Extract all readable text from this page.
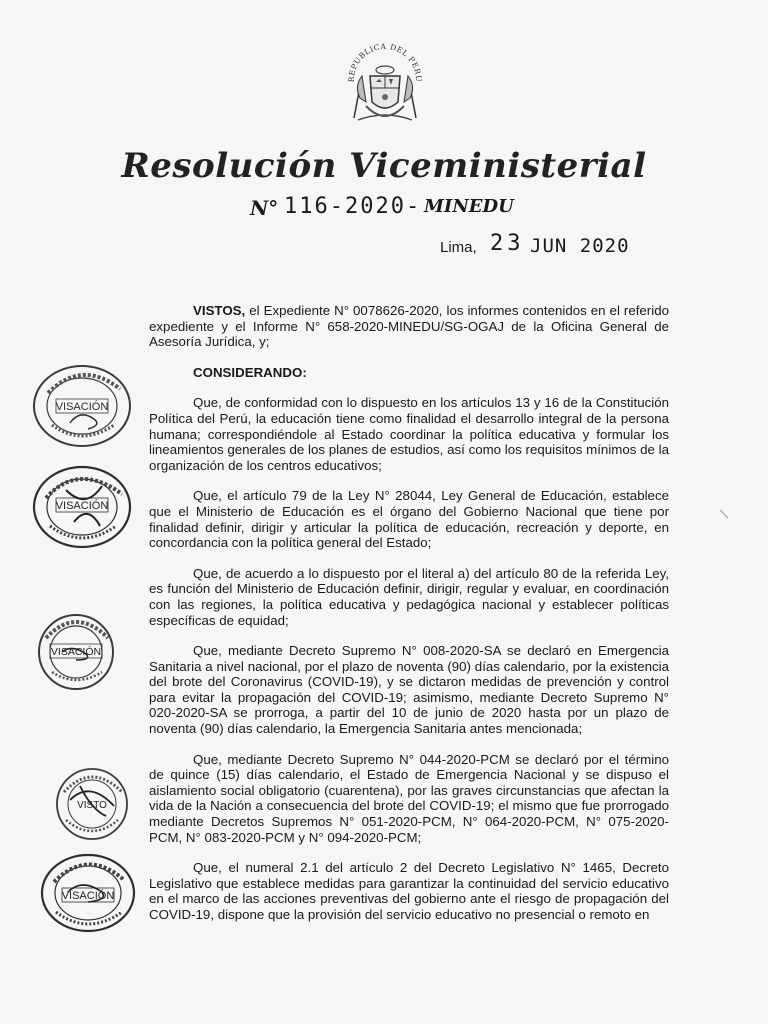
REPUBLICA DEL PERU
Resolución Viceministerial
N° 116-2020- MINEDU
Lima, 23 JUN 2020

VISTOS, el Expediente N° 0078626-2020, los informes contenidos en el referido expediente y el Informe N° 658-2020-MINEDU/SG-OGAJ de la Oficina General de Asesoría Jurídica, y;

CONSIDERANDO:

Que, de conformidad con lo dispuesto en los artículos 13 y 16 de la Constitución Política del Perú, la educación tiene como finalidad el desarrollo integral de la persona humana; correspondiéndole al Estado coordinar la política educativa y formular los lineamientos generales de los planes de estudios, así como los requisitos mínimos de la organización de los centros educativos;

Que, el artículo 79 de la Ley N° 28044, Ley General de Educación, establece que el Ministerio de Educación es el órgano del Gobierno Nacional que tiene por finalidad definir, dirigir y articular la política de educación, recreación y deporte, en concordancia con la política general del Estado;

Que, de acuerdo a lo dispuesto por el literal a) del artículo 80 de la referida Ley, es función del Ministerio de Educación definir, dirigir, regular y evaluar, en coordinación con las regiones, la política educativa y pedagógica nacional y establecer políticas específicas de equidad;

Que, mediante Decreto Supremo N° 008-2020-SA se declaró en Emergencia Sanitaria a nivel nacional, por el plazo de noventa (90) días calendario, por la existencia del brote del Coronavirus (COVID-19), y se dictaron medidas de prevención y control para evitar la propagación del COVID-19; asimismo, mediante Decreto Supremo N° 020-2020-SA se prorroga, a partir del 10 de junio de 2020 hasta por un plazo de noventa (90) días calendario, la Emergencia Sanitaria antes mencionada;

Que, mediante Decreto Supremo N° 044-2020-PCM se declaró por el término de quince (15) días calendario, el Estado de Emergencia Nacional y se dispuso el aislamiento social obligatorio (cuarentena), por las graves circunstancias que afectan la vida de la Nación a consecuencia del brote del COVID-19; el mismo que fue prorrogado mediante Decretos Supremos N° 051-2020-PCM, N° 064-2020-PCM, N° 075-2020-PCM, N° 083-2020-PCM y N° 094-2020-PCM;

Que, el numeral 2.1 del artículo 2 del Decreto Legislativo N° 1465, Decreto Legislativo que establece medidas para garantizar la continuidad del servicio educativo en el marco de las acciones preventivas del gobierno ante el riesgo de propagación del COVID-19, dispone que la provisión del servicio educativo no presencial o remoto en

VISACIÓN
VISACIÓN
VISACIÓN
VISTO
VISACIÓN
